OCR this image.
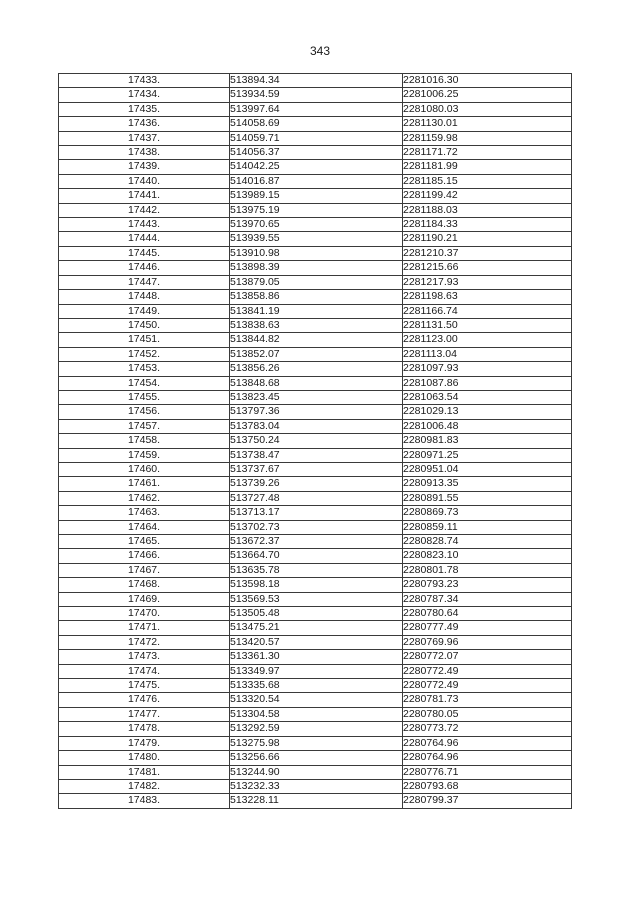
343
17433.	513894.34	2281016.30
17434.	513934.59	2281006.25
17435.	513997.64	2281080.03
17436.	514058.69	2281130.01
17437.	514059.71	2281159.98
17438.	514056.37	2281171.72
17439.	514042.25	2281181.99
17440.	514016.87	2281185.15
17441.	513989.15	2281199.42
17442.	513975.19	2281188.03
17443.	513970.65	2281184.33
17444.	513939.55	2281190.21
17445.	513910.98	2281210.37
17446.	513898.39	2281215.66
17447.	513879.05	2281217.93
17448.	513858.86	2281198.63
17449.	513841.19	2281166.74
17450.	513838.63	2281131.50
17451.	513844.82	2281123.00
17452.	513852.07	2281113.04
17453.	513856.26	2281097.93
17454.	513848.68	2281087.86
17455.	513823.45	2281063.54
17456.	513797.36	2281029.13
17457.	513783.04	2281006.48
17458.	513750.24	2280981.83
17459.	513738.47	2280971.25
17460.	513737.67	2280951.04
17461.	513739.26	2280913.35
17462.	513727.48	2280891.55
17463.	513713.17	2280869.73
17464.	513702.73	2280859.11
17465.	513672.37	2280828.74
17466.	513664.70	2280823.10
17467.	513635.78	2280801.78
17468.	513598.18	2280793.23
17469.	513569.53	2280787.34
17470.	513505.48	2280780.64
17471.	513475.21	2280777.49
17472.	513420.57	2280769.96
17473.	513361.30	2280772.07
17474.	513349.97	2280772.49
17475.	513335.68	2280772.49
17476.	513320.54	2280781.73
17477.	513304.58	2280780.05
17478.	513292.59	2280773.72
17479.	513275.98	2280764.96
17480.	513256.66	2280764.96
17481.	513244.90	2280776.71
17482.	513232.33	2280793.68
17483.	513228.11	2280799.37
